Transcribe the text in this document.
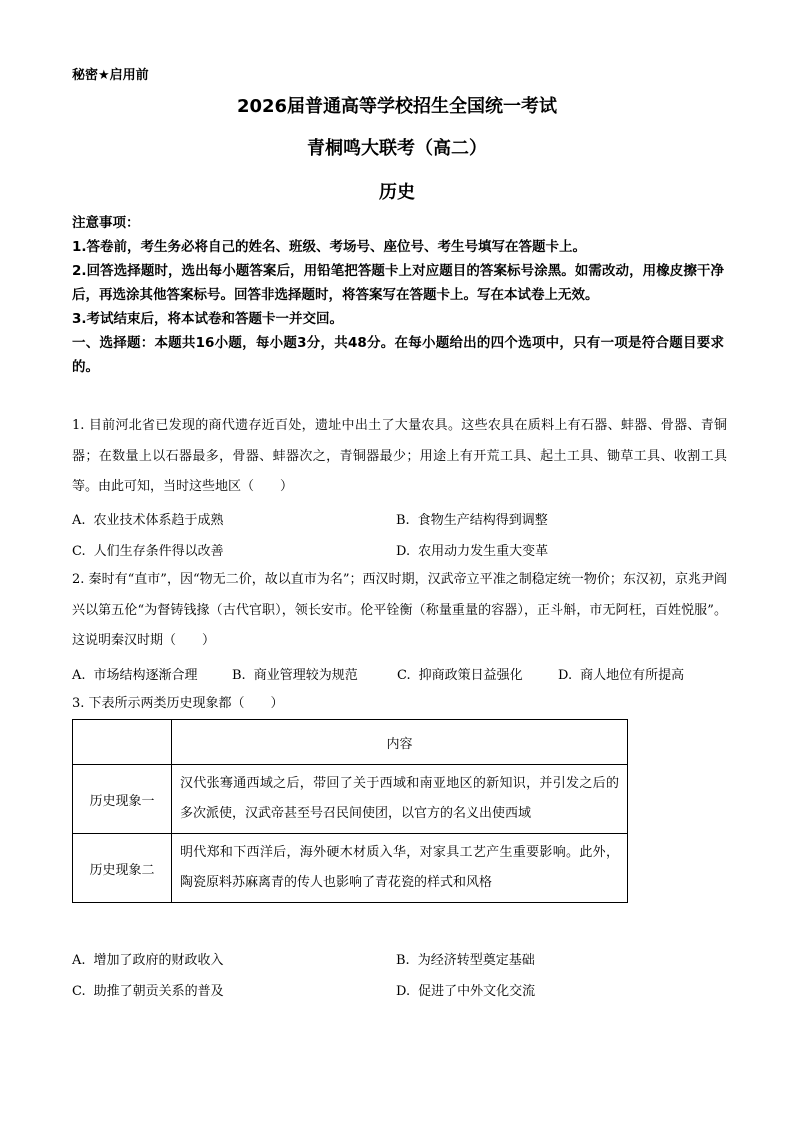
秘密★启用前
2026届普通高等学校招生全国统一考试
青桐鸣大联考（高二）
历史
注意事项：
1.答卷前，考生务必将自己的姓名、班级、考场号、座位号、考生号填写在答题卡上。
2.回答选择题时，选出每小题答案后，用铅笔把答题卡上对应题目的答案标号涂黑。如需改动，用橡皮擦干净后，再选涂其他答案标号。回答非选择题时，将答案写在答题卡上。写在本试卷上无效。
3.考试结束后，将本试卷和答题卡一并交回。
一、选择题：本题共16小题，每小题3分，共48分。在每小题给出的四个选项中，只有一项是符合题目要求的。
1. 目前河北省已发现的商代遗存近百处，遗址中出土了大量农具。这些农具在质料上有石器、蚌器、骨器、青铜器；在数量上以石器最多，骨器、蚌器次之，青铜器最少；用途上有开荒工具、起土工具、锄草工具、收割工具等。由此可知，当时这些地区（　　）
A. 农业技术体系趋于成熟	B. 食物生产结构得到调整
C. 人们生存条件得以改善	D. 农用动力发生重大变革
2. 秦时有“直市”，因“物无二价，故以直市为名”；西汉时期，汉武帝立平准之制稳定统一物价；东汉初，京兆尹阎兴以第五伦“为督铸钱掾（古代官职），领长安市。伦平铨衡（称量重量的容器），正斗斛，市无阿枉，百姓悦服”。这说明秦汉时期（　　）
A. 市场结构逐渐合理	B. 商业管理较为规范	C. 抑商政策日益强化	D. 商人地位有所提高
3. 下表所示两类历史现象都（　　）
	内容
历史现象一	汉代张骞通西域之后，带回了关于西域和南亚地区的新知识，并引发之后的多次派使，汉武帝甚至号召民间使团，以官方的名义出使西域
历史现象二	明代郑和下西洋后，海外硬木材质入华，对家具工艺产生重要影响。此外，陶瓷原料苏麻离青的传人也影响了青花瓷的样式和风格
A. 增加了政府的财政收入	B. 为经济转型奠定基础
C. 助推了朝贡关系的普及	D. 促进了中外文化交流
